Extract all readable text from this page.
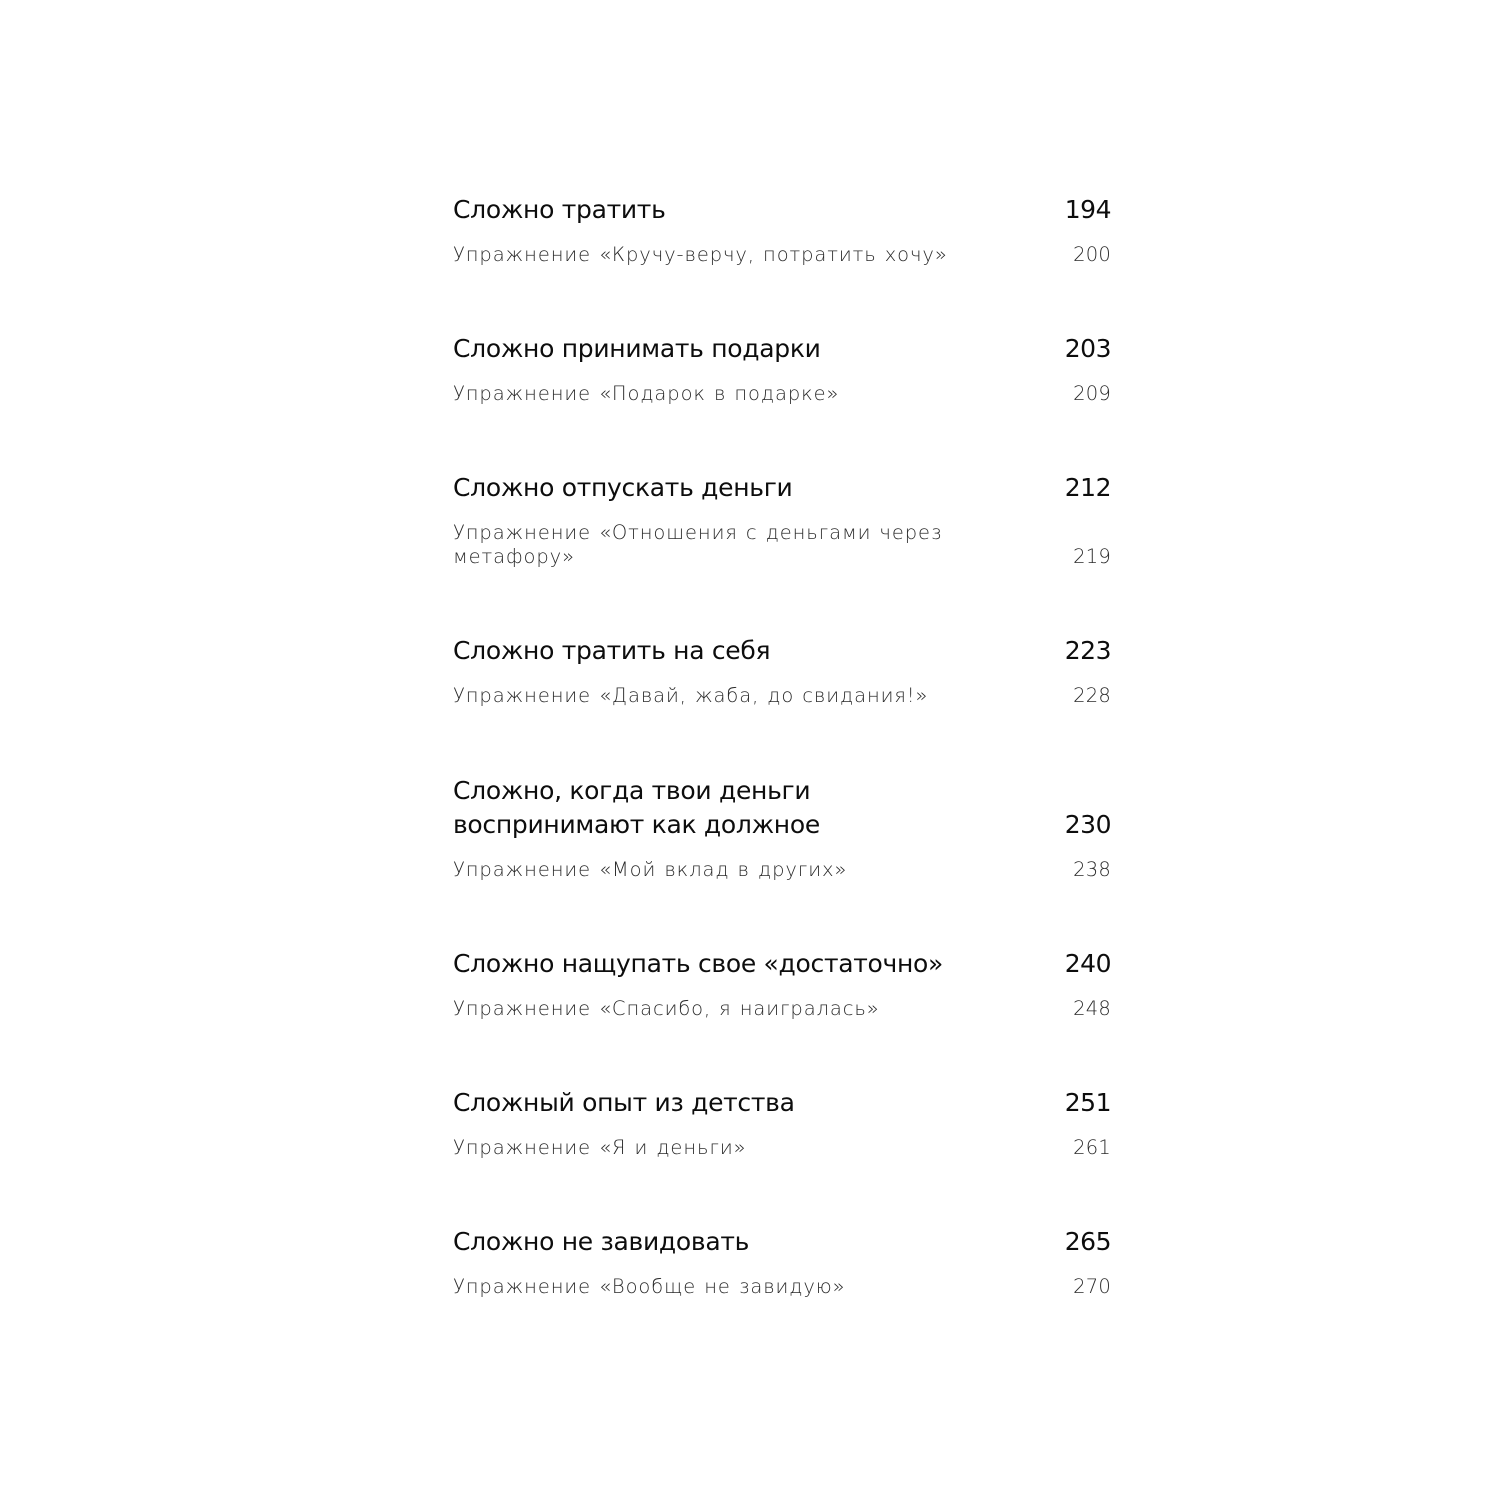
Сложно тратить	194
Упражнение «Кручу-верчу, потратить хочу»	200
Сложно принимать подарки	203
Упражнение «Подарок в подарке»	209
Сложно отпускать деньги	212
Упражнение «Отношения с деньгами через метафору»	219
Сложно тратить на себя	223
Упражнение «Давай, жаба, до свидания!»	228
Сложно, когда твои деньги воспринимают как должное	230
Упражнение «Мой вклад в других»	238
Сложно нащупать свое «достаточно»	240
Упражнение «Спасибо, я наигралась»	248
Сложный опыт из детства	251
Упражнение «Я и деньги»	261
Сложно не завидовать	265
Упражнение «Вообще не завидую»	270
